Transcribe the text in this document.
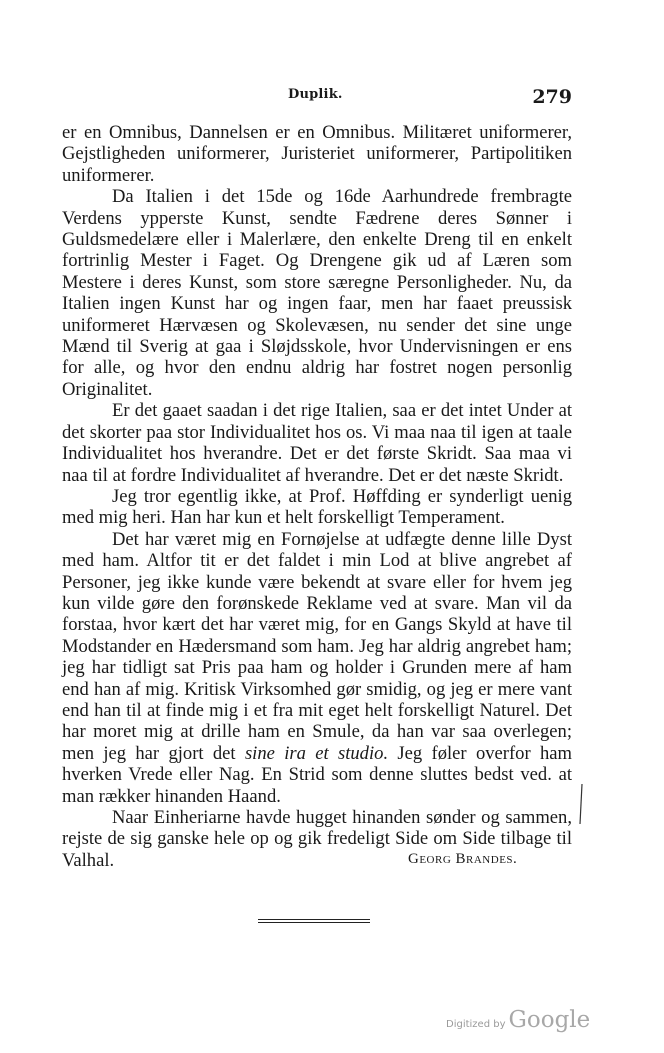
Duplik.	279

er en Omnibus, Dannelsen er en Omnibus. Militæret uniformerer, Gejstligheden uniformerer, Juristeriet uniformerer, Partipolitiken uniformerer.

Da Italien i det 15de og 16de Aarhundrede frembragte Verdens ypperste Kunst, sendte Fædrene deres Sønner i Guldsmedelære eller i Malerlære, den enkelte Dreng til en enkelt fortrinlig Mester i Faget. Og Drengene gik ud af Læren som Mestere i deres Kunst, som store særegne Personligheder. Nu, da Italien ingen Kunst har og ingen faar, men har faaet preussisk uniformeret Hærvæsen og Skolevæsen, nu sender det sine unge Mænd til Sverig at gaa i Sløjdsskole, hvor Undervisningen er ens for alle, og hvor den endnu aldrig har fostret nogen personlig Originalitet.

Er det gaaet saadan i det rige Italien, saa er det intet Under at det skorter paa stor Individualitet hos os. Vi maa naa til igen at taale Individualitet hos hverandre. Det er det første Skridt. Saa maa vi naa til at fordre Individualitet af hverandre. Det er det næste Skridt.

Jeg tror egentlig ikke, at Prof. Høffding er synderligt uenig med mig heri. Han har kun et helt forskelligt Temperament.

Det har været mig en Fornøjelse at udfægte denne lille Dyst med ham. Altfor tit er det faldet i min Lod at blive angrebet af Personer, jeg ikke kunde være bekendt at svare eller for hvem jeg kun vilde gøre den forønskede Reklame ved at svare. Man vil da forstaa, hvor kært det har været mig, for en Gangs Skyld at have til Modstander en Hædersmand som ham. Jeg har aldrig angrebet ham; jeg har tidligt sat Pris paa ham og holder i Grunden mere af ham end han af mig. Kritisk Virksomhed gør smidig, og jeg er mere vant end han til at finde mig i et fra mit eget helt forskelligt Naturel. Det har moret mig at drille ham en Smule, da han var saa overlegen; men jeg har gjort det sine ira et studio. Jeg føler overfor ham hverken Vrede eller Nag. En Strid som denne sluttes bedst ved. at man rækker hinanden Haand.

Naar Einheriarne havde hugget hinanden sønder og sammen, rejste de sig ganske hele op og gik fredeligt Side om Side tilbage til Valhal.	Georg Brandes.
Digitized by Google
